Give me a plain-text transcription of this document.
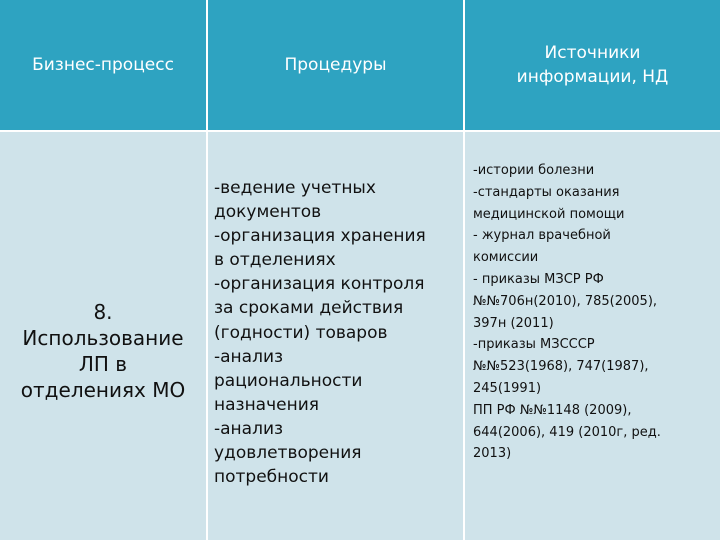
Бизнес-процесс	Процедуры
Источники
информации, НД
8.
Использование
ЛП в
отделениях МО
-ведение учетных
документов
-организация хранения
в отделениях
-организация контроля
за сроками действия
(годности) товаров
-анализ
рациональности
назначения
-анализ
удовлетворения
потребности
-истории болезни
-стандарты оказания
медицинской помощи
- журнал врачебной
комиссии
- приказы МЗСР РФ
№№706н(2010), 785(2005),
397н (2011)
-приказы МЗСССР
№№523(1968), 747(1987),
245(1991)
ПП РФ №№1148 (2009),
644(2006), 419 (2010г, ред.
2013)
